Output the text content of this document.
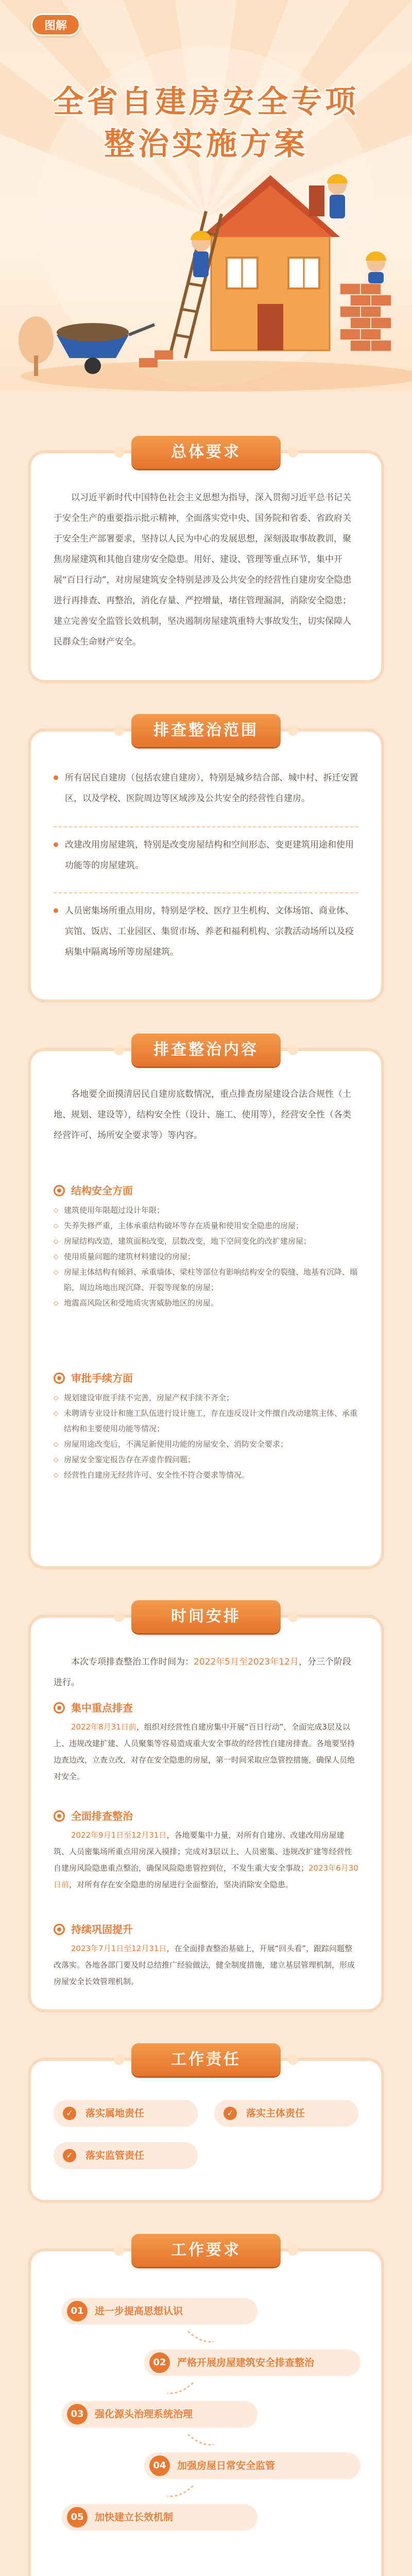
图解
全省自建房安全专项
整治实施方案
总体要求

以习近平新时代中国特色社会主义思想为指导，深入贯彻习近平总书记关于安全生产的重要指示批示精神，全面落实党中央、国务院和省委、省政府关于安全生产部署要求，坚持以人民为中心的发展思想，深刻汲取事故教训，聚焦房屋建筑和其他自建房安全隐患。用好、建设、管理等重点环节，集中开展“百日行动”，对房屋建筑安全特别是涉及公共安全的经营性自建房安全隐患进行再排查、再整治，消化存量、严控增量，堵住管理漏洞，消除安全隐患；建立完善安全监管长效机制，坚决遏制房屋建筑重特大事故发生，切实保障人民群众生命财产安全。

排查整治范围
所有居民自建房（包括农建自建房），特别是城乡结合部、城中村、拆迁安置区，以及学校、医院周边等区域涉及公共安全的经营性自建房。
改建改用房屋建筑，特别是改变房屋结构和空间形态、变更建筑用途和使用功能等的房屋建筑。
人员密集场所重点用房，特别是学校、医疗卫生机构、文体场馆、商业体、宾馆、饭店、工业园区、集贸市场、养老和福利机构、宗教活动场所以及疫病集中隔离场所等房屋建筑。
排查整治内容

各地要全面摸清居民自建房底数情况，重点排查房屋建设合法合规性（土地、规划、建设等），结构安全性（设计、施工、使用等），经营安全性（各类经营许可、场所安全要求等）等内容。

结构安全方面
◇ 建筑使用年限超过设计年限；
◇ 失养失修严重，主体承重结构破坏等存在质量和使用安全隐患的房屋；
◇ 房屋结构改造，建筑面积改变，层数改变，地下空间变化的改扩建房屋；
◇ 使用质量问题的建筑材料建设的房屋；
◇ 房屋主体结构有倾斜、承重墙体、梁柱等部位有影响结构安全的裂缝、地基有沉降、塌陷，周边场地出现沉降、开裂等现象的房屋；
◇ 地震高风险区和受地质灾害威胁地区的房屋。
审批手续方面
◇ 规划建设审批手续不完善，房屋产权手续不齐全；
◇ 未聘请专业设计和施工队伍进行设计施工，存在违反设计文件擅自改动建筑主体、承重结构和主要使用功能等情况；
◇ 房屋用途改变后，不满足新使用功能的房屋安全、消防安全要求；
◇ 房屋安全鉴定报告存在弄虚作假问题；
◇ 经营性自建房无经营许可、安全性不符合要求等情况。
时间安排

本次专项排查整治工作时间为：2022年5月至2023年12月，分三个阶段进行。

集中重点排查

2022年8月31日前，组织对经营性自建房集中开展“百日行动”，全面完成3层及以上、违规改建扩建、人员聚集等容易造成重大安全事故的经营性自建房排查。各地要坚持边查边改，立查立改，对存在安全隐患的房屋，第一时间采取应急管控措施，确保人员绝对安全。

全面排查整治

2022年9月1日至12月31日，各地要集中力量，对所有自建房、改建改用房屋建筑、人员密集场所重点用房深入摸排；完成对3层以上、人员密集、违规改扩建等经营性自建房风险隐患重点整治，确保风险隐患管控到位，不发生重大安全事故；2023年6月30日前，对所有存在安全隐患的房屋进行全面整治，坚决消除安全隐患。

持续巩固提升

2023年7月1日至12月31日，在全面排查整治基础上，开展“回头看”，跟踪问题整改落实。各地各部门要及时总结推广经验做法，健全制度措施，建立基层管理机制，形成房屋安全长效管理机制。

工作责任
✓	落实属地责任	✓	落实主体责任
✓	落实监管责任
工作要求
01	进一步提高思想认识
02	严格开展房屋建筑安全排查整治
03	强化源头治理系统治理
04	加强房屋日常安全监管
05	加快建立长效机制
